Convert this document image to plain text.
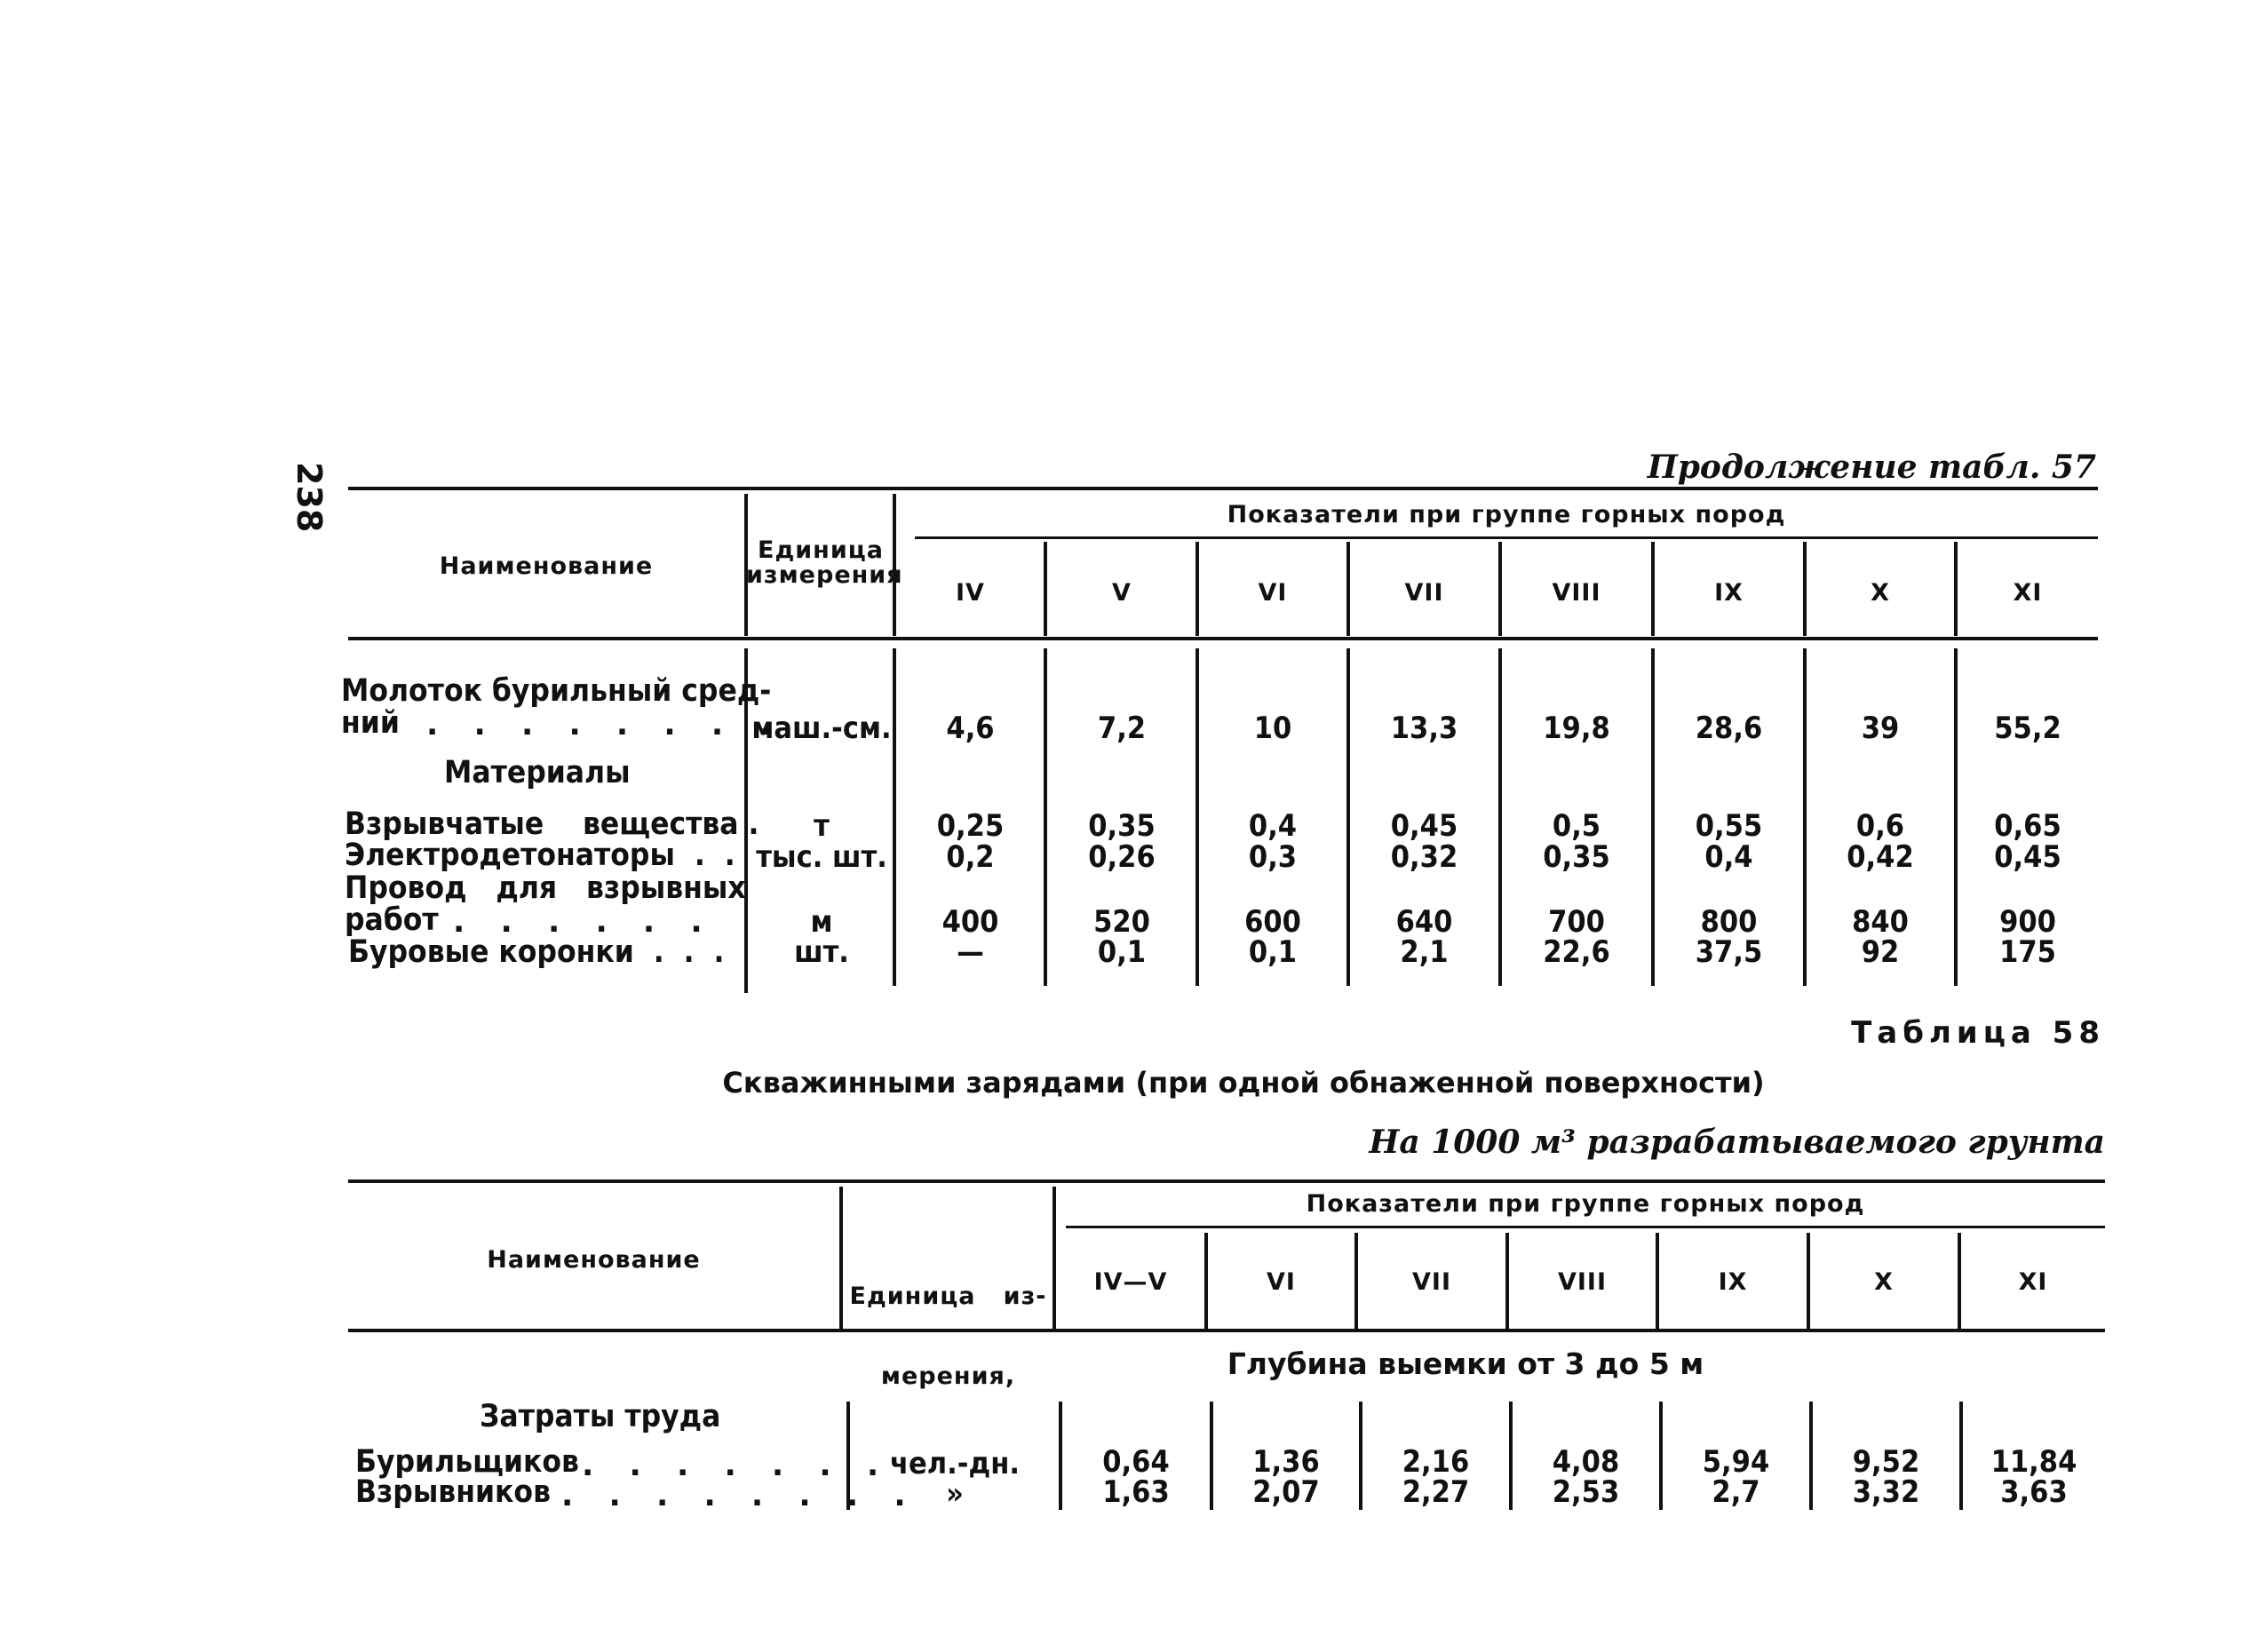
238	Продолжение табл. 57
Наименование
Единица
измерения
Показатели при группе горных пород
IV	V	VI	VII	VIII	IX	X	XI
Молоток бурильный сред-
ний . . . . . . . .
маш.-см.	4,6	7,2	10	13,3	19,8	28,6	39	55,2
Материалы
Взрывчатые    вещества .	т	0,25	0,35	0,4	0,45	0,5	0,55	0,6	0,65
Электродетонаторы  .  . тыс. шт.	0,2	0,26	0,3	0,32	0,35	0,4	0,42	0,45
Провод   для   взрывных
работ . . . . . .	м	400	520	600	640	700	800	840	900
Буровые коронки  .  .  .	шт.	—	0,1	0,1	2,1	22,6	37,5	92	175
Таблица 58
Скважинными зарядами (при одной обнаженной поверхности)
На 1000 м³ разрабатываемого грунта
Наименование

Единица   из-

мерения,

Показатели при группе горных пород
IV—V	VI	VII	VIII	IX	X	XI
Глубина выемки от 3 до 5 м
Затраты труда
Бурильщиков . . . . . . .
чел.-дн.	0,64	1,36	2,16	4,08	5,94	9,52	11,84
Взрывников . . . . . . . . »	1,63	2,07	2,27	2,53	2,7	3,32	3,63
